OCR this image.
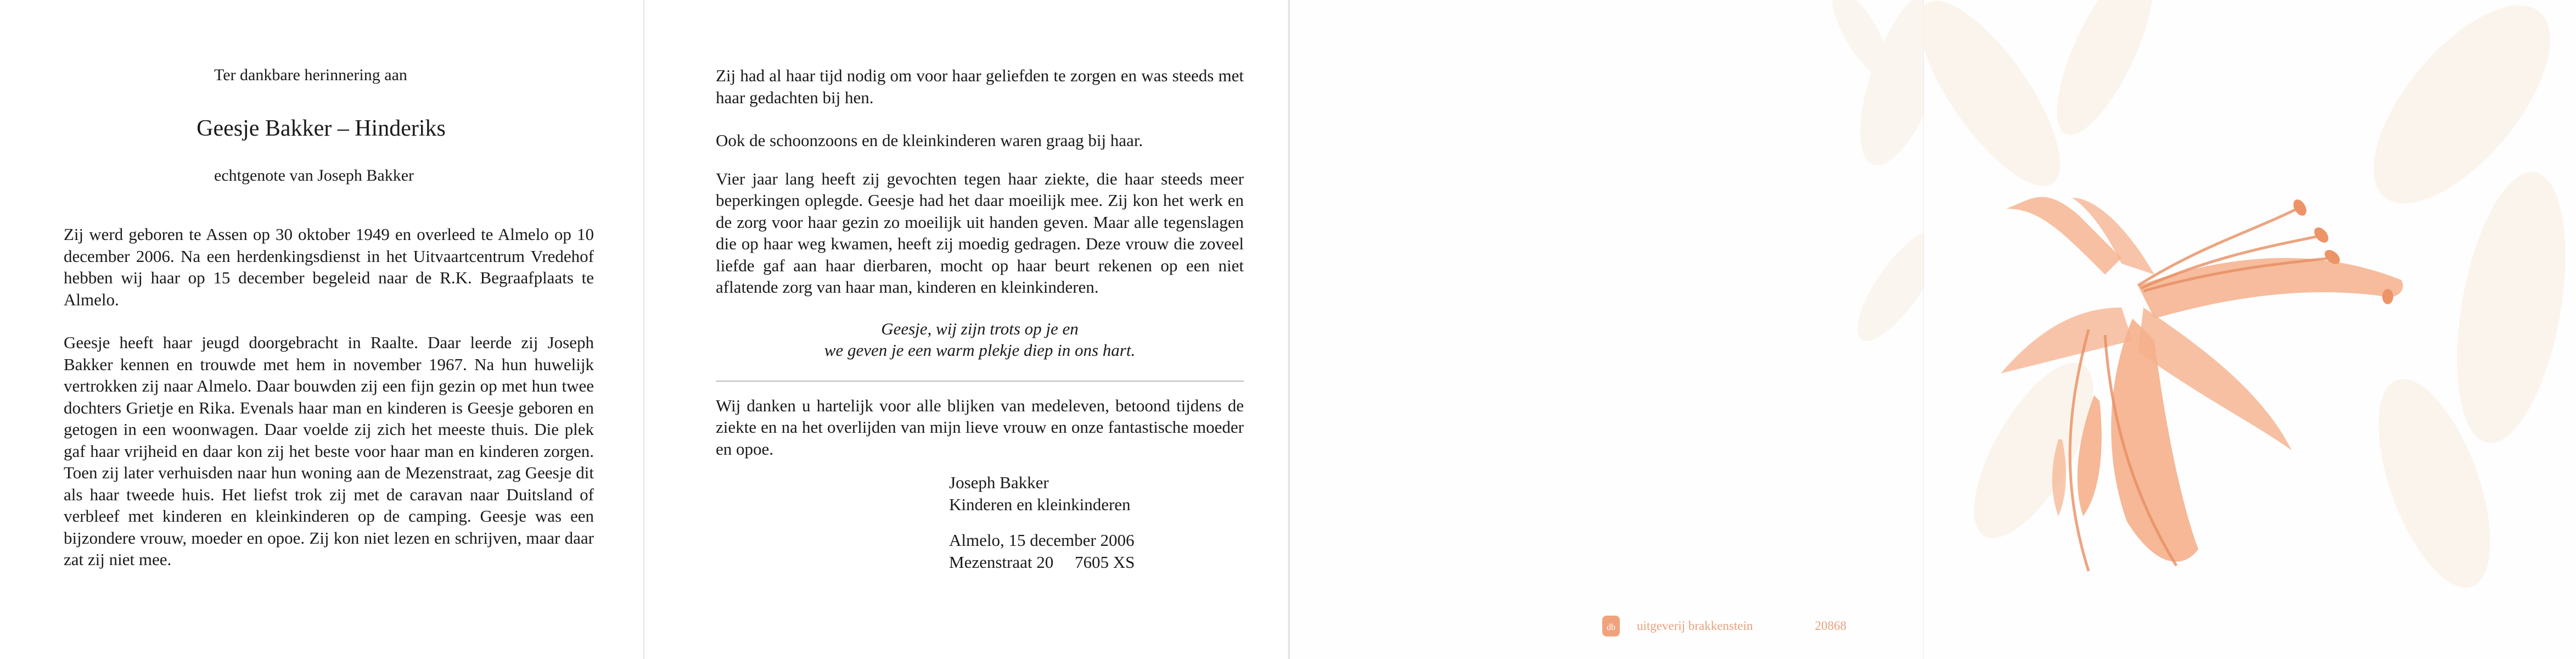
Ter dankbare herinnering aan
Geesje Bakker – Hinderiks
echtgenote van Joseph Bakker

Zij werd geboren te Assen op 30 oktober 1949 en overleed te Almelo op 10 december 2006. Na een herdenkingsdienst in het Uitvaartcentrum Vredehof hebben wij haar op 15 december begeleid naar de R.K. Begraafplaats te Almelo.

Geesje heeft haar jeugd doorgebracht in Raalte. Daar leerde zij Joseph Bakker kennen en trouwde met hem in november 1967. Na hun huwelijk vertrokken zij naar Almelo. Daar bouwden zij een fijn gezin op met hun twee dochters Grietje en Rika. Evenals haar man en kinderen is Geesje geboren en getogen in een woonwagen. Daar voelde zij zich het meeste thuis. Die plek gaf haar vrijheid en daar kon zij het beste voor haar man en kinderen zorgen. Toen zij later verhuisden naar hun woning aan de Mezenstraat, zag Geesje dit als haar tweede huis. Het liefst trok zij met de caravan naar Duitsland of verbleef met kinderen en kleinkinderen op de camping. Geesje was een bijzondere vrouw, moeder en opoe. Zij kon niet lezen en schrijven, maar daar zat zij niet mee.

Zij had al haar tijd nodig om voor haar geliefden te zorgen en was steeds met haar gedachten bij hen.

Ook de schoonzoons en de kleinkinderen waren graag bij haar.

Vier jaar lang heeft zij gevochten tegen haar ziekte, die haar steeds meer beperkingen oplegde. Geesje had het daar moeilijk mee. Zij kon het werk en de zorg voor haar gezin zo moeilijk uit handen geven. Maar alle tegenslagen die op haar weg kwamen, heeft zij moedig gedragen. Deze vrouw die zoveel liefde gaf aan haar dierbaren, mocht op haar beurt rekenen op een niet aflatende zorg van haar man, kinderen en kleinkinderen.

Geesje, wij zijn trots op je en
we geven je een warm plekje diep in ons hart.

Wij danken u hartelijk voor alle blijken van medeleven, betoond tijdens de ziekte en na het overlijden van mijn lieve vrouw en onze fantastische moeder en opoe.

Joseph Bakker
Kinderen en kleinkinderen
Almelo, 15 december 2006
Mezenstraat 20     7605 XS
db uitgeverij brakkenstein	20868
